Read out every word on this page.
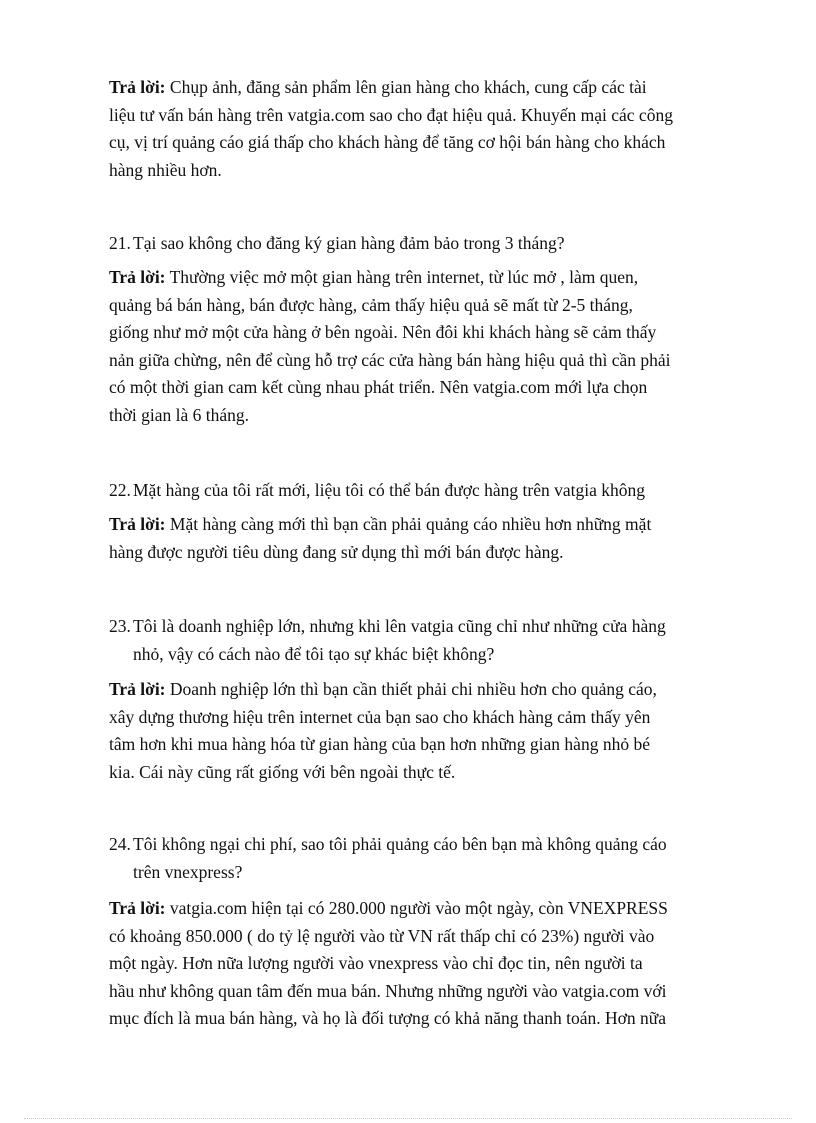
Trả lời: Chụp ảnh, đăng sản phẩm lên gian hàng cho khách, cung cấp các tài
liệu tư vấn bán hàng trên vatgia.com sao cho đạt hiệu quả. Khuyến mại các công
cụ, vị trí quảng cáo giá thấp cho khách hàng để tăng cơ hội bán hàng cho khách
hàng nhiều hơn.
21. Tại sao không cho đăng ký gian hàng đảm bảo trong 3 tháng?
Trả lời: Thường việc mở một gian hàng trên internet, từ lúc mở , làm quen,
quảng bá bán hàng, bán được hàng, cảm thấy hiệu quả sẽ mất từ 2-5 tháng,
giống như mở một cửa hàng ở bên ngoài. Nên đôi khi khách hàng sẽ cảm thấy
nản giữa chừng, nên để cùng hỗ trợ các cửa hàng bán hàng hiệu quả thì cần phải
có một thời gian cam kết cùng nhau phát triển. Nên vatgia.com mới lựa chọn
thời gian là 6 tháng.
22. Mặt hàng của tôi rất mới, liệu tôi có thể bán được hàng trên vatgia không
Trả lời: Mặt hàng càng mới thì bạn cần phải quảng cáo nhiều hơn những mặt
hàng được người tiêu dùng đang sử dụng thì mới bán được hàng.
23. Tôi là doanh nghiệp lớn, nhưng khi lên vatgia cũng chỉ như những cửa hàng
nhỏ, vậy có cách nào để tôi tạo sự khác biệt không?
Trả lời: Doanh nghiệp lớn thì bạn cần thiết phải chi nhiều hơn cho quảng cáo,
xây dựng thương hiệu trên internet của bạn sao cho khách hàng cảm thấy yên
tâm hơn khi mua hàng hóa từ gian hàng của bạn hơn những gian hàng nhỏ bé
kia. Cái này cũng rất giống với bên ngoài thực tế.
24. Tôi không ngại chi phí, sao tôi phải quảng cáo bên bạn mà không quảng cáo
trên vnexpress?
Trả lời: vatgia.com hiện tại có 280.000 người vào một ngày, còn VNEXPRESS
có khoảng 850.000 ( do tỷ lệ người vào từ VN rất thấp chỉ có 23%) người vào
một ngày. Hơn nữa lượng người vào vnexpress vào chỉ đọc tin, nên người ta
hầu như không quan tâm đến mua bán. Nhưng những người vào vatgia.com với
mục đích là mua bán hàng, và họ là đối tượng có khả năng thanh toán. Hơn nữa
